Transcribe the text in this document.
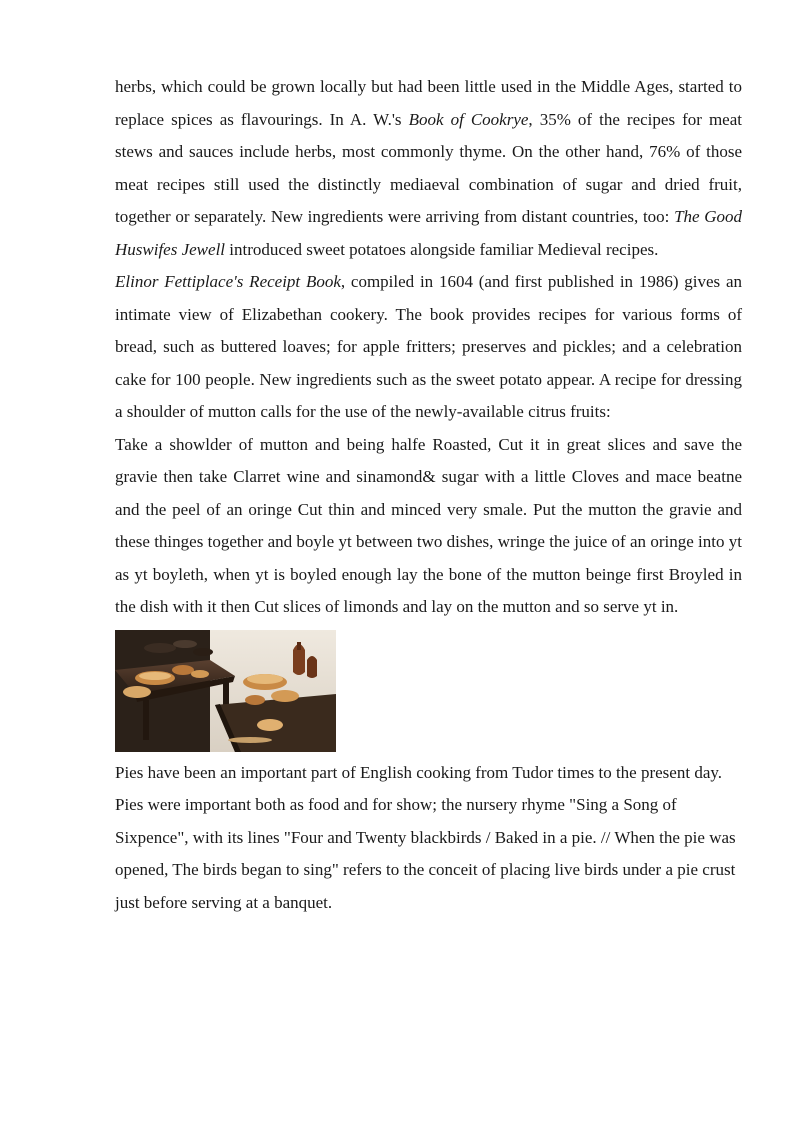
herbs, which could be grown locally but had been little used in the Middle Ages, started to replace spices as flavourings. In A. W.'s Book of Cookrye, 35% of the recipes for meat stews and sauces include herbs, most commonly thyme. On the other hand, 76% of those meat recipes still used the distinctly mediaeval combination of sugar and dried fruit, together or separately. New ingredients were arriving from distant countries, too: The Good Huswifes Jewell introduced sweet potatoes alongside familiar Medieval recipes.

Elinor Fettiplace's Receipt Book, compiled in 1604 (and first published in 1986) gives an intimate view of Elizabethan cookery. The book provides recipes for various forms of bread, such as buttered loaves; for apple fritters; preserves and pickles; and a celebration cake for 100 people. New ingredients such as the sweet potato appear. A recipe for dressing a shoulder of mutton calls for the use of the newly-available citrus fruits:

Take a showlder of mutton and being halfe Roasted, Cut it in great slices and save the gravie then take Clarret wine and sinamond& sugar with a little Cloves and mace beatne and the peel of an oringe Cut thin and minced very smale. Put the mutton the gravie and these thinges together and boyle yt between two dishes, wringe the juice of an oringe into yt as yt boyleth, when yt is boyled enough lay the bone of the mutton beinge first Broyled in the dish with it then Cut slices of limonds and lay on the mutton and so serve yt in.

Pies have been an important part of English cooking from Tudor times to the present day.

Pies were important both as food and for show; the nursery rhyme "Sing a Song of Sixpence", with its lines "Four and Twenty blackbirds / Baked in a pie. // When the pie was opened, The birds began to sing" refers to the conceit of placing live birds under a pie crust just before serving at a banquet.
